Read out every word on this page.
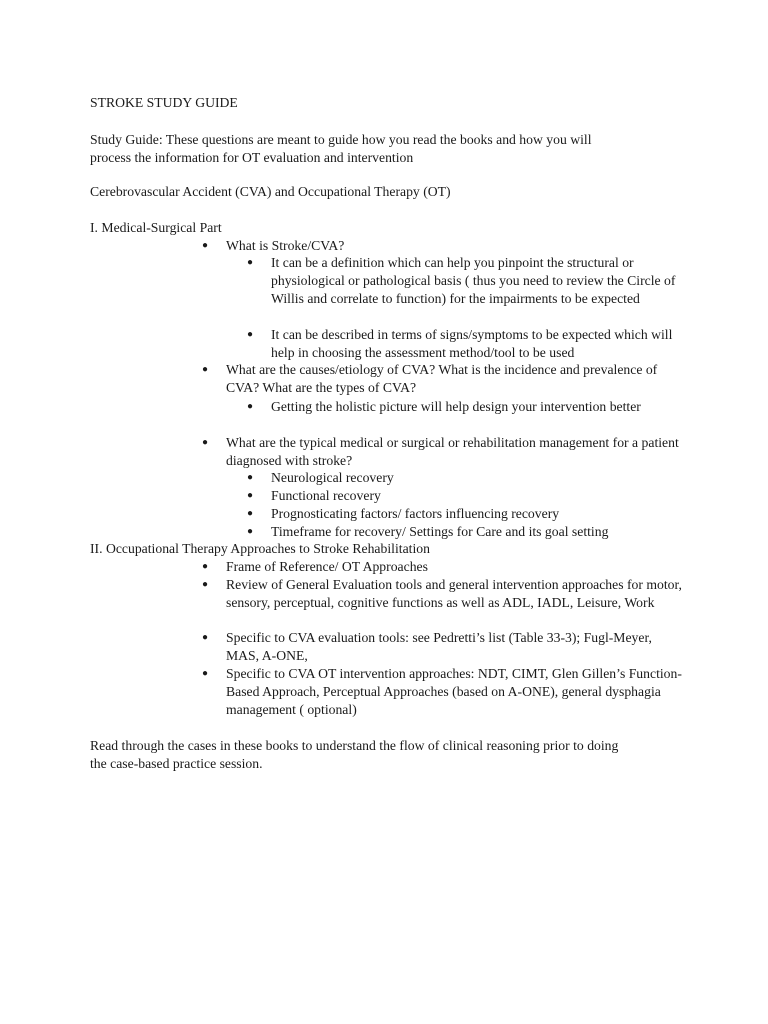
STROKE STUDY GUIDE

Study Guide: These questions are meant to guide how you read the books and how you will

process the information for OT evaluation and intervention

Cerebrovascular Accident (CVA) and Occupational Therapy (OT)

I. Medical-Surgical Part

● What is Stroke/CVA?
● It can be a definition which can help you pinpoint the structural or physiological or pathological basis ( thus you need to review the Circle of Willis and correlate to function) for the impairments to be expected
● It can be described in terms of signs/symptoms to be expected which will help in choosing the assessment method/tool to be used
● What are the causes/etiology of CVA? What is the incidence and prevalence of CVA? What are the types of CVA?
● Getting the holistic picture will help design your intervention better
● What are the typical medical or surgical or rehabilitation management for a patient diagnosed with stroke?
● Neurological recovery
● Functional recovery
● Prognosticating factors/ factors influencing recovery
● Timeframe for recovery/ Settings for Care and its goal setting

II. Occupational Therapy Approaches to Stroke Rehabilitation

● Frame of Reference/ OT Approaches
● Review of General Evaluation tools and general intervention approaches for motor, sensory, perceptual, cognitive functions as well as ADL, IADL, Leisure, Work
● Specific to CVA evaluation tools: see Pedretti’s list (Table 33-3); Fugl-Meyer, MAS, A-ONE,
● Specific to CVA OT intervention approaches: NDT, CIMT, Glen Gillen’s Function-Based Approach, Perceptual Approaches (based on A-ONE), general dysphagia management ( optional)

Read through the cases in these books to understand the flow of clinical reasoning prior to doing

the case-based practice session.
